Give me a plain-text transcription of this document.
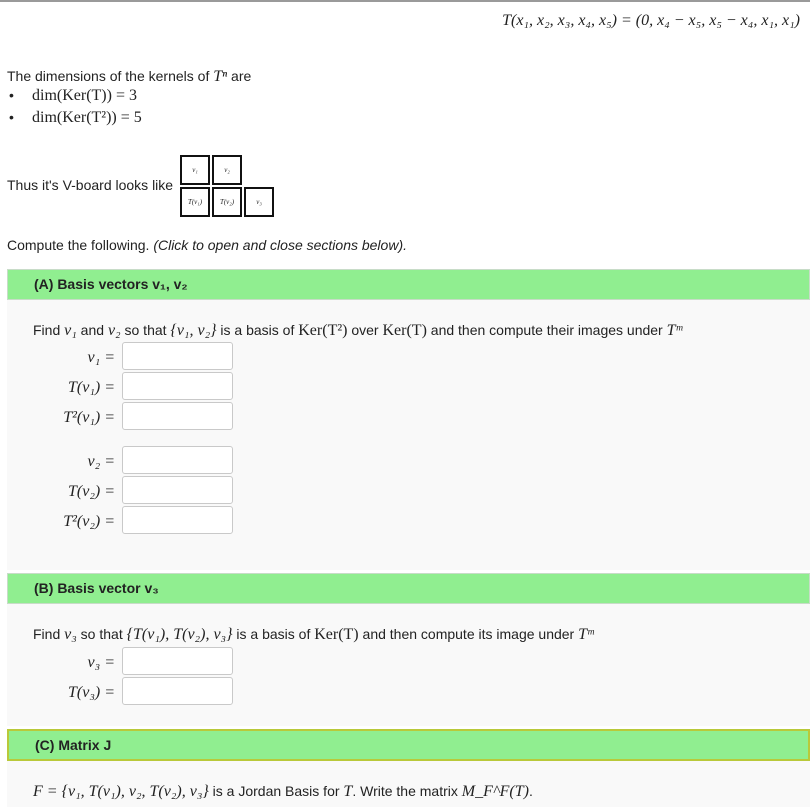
T(x₁, x₂, x₃, x₄, x₅) = (0, x₄ − x₅, x₅ − x₄, x₁, x₁)
The dimensions of the kernels of Tⁿ are
• dim(Ker(T)) = 3
• dim(Ker(T²)) = 5
Thus it's V-board looks like
v₁	v₂
T(v₁)	T(v₂)	v₃
Compute the following. (Click to open and close sections below).
(A) Basis vectors v₁, v₂
Find v₁ and v₂ so that {v₁, v₂} is a basis of Ker(T²) over Ker(T) and then compute their images under Tᵐ
v₁ =
T(v₁) =
T²(v₁) =
v₂ =
T(v₂) =
T²(v₂) =
(B) Basis vector v₃
Find v₃ so that {T(v₁), T(v₂), v₃} is a basis of Ker(T) and then compute its image under Tᵐ
v₃ =
T(v₃) =
(C) Matrix J
F = {v₁, T(v₁), v₂, T(v₂), v₃} is a Jordan Basis for T. Write the matrix M_F^F(T).
